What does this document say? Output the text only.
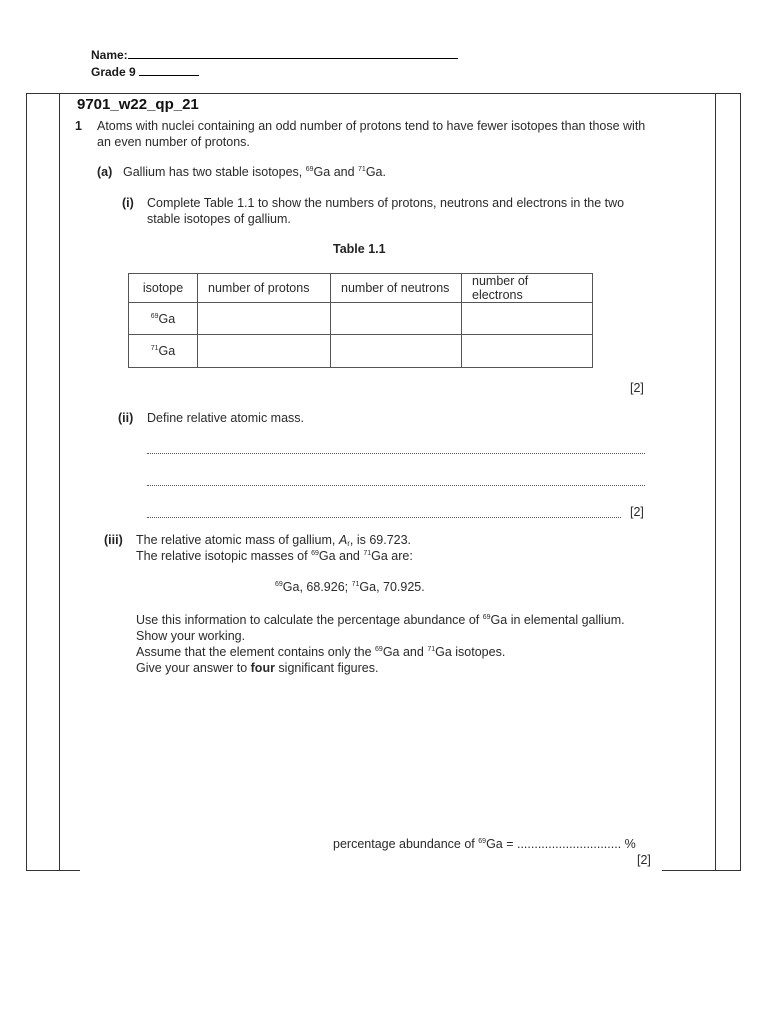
Name:
Grade 9
9701_w22_qp_21
1 Atoms with nuclei containing an odd number of protons tend to have fewer isotopes than those with an even number of protons.
(a) Gallium has two stable isotopes, $^{69}$Ga and $^{71}$Ga.
(i) Complete Table 1.1 to show the numbers of protons, neutrons and electrons in the two stable isotopes of gallium.
Table 1.1
isotope	number of protons	number of neutrons	number of electrons
$^{69}$Ga			
$^{71}$Ga			
[2]
(ii) Define relative atomic mass.
[2]
(iii) The relative atomic mass of gallium, $A_r$, is 69.723.
The relative isotopic masses of $^{69}$Ga and $^{71}$Ga are:
$^{69}$Ga, 68.926; $^{71}$Ga, 70.925.
Use this information to calculate the percentage abundance of $^{69}$Ga in elemental gallium.
Show your working.
Assume that the element contains only the $^{69}$Ga and $^{71}$Ga isotopes.
Give your answer to four significant figures.
percentage abundance of $^{69}$Ga = .............................. %
[2]
